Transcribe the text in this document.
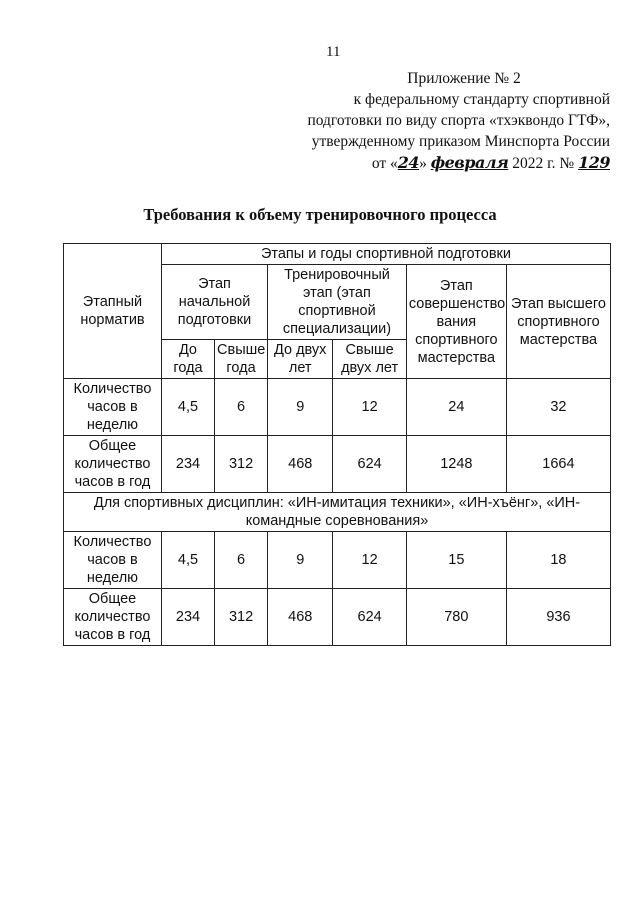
11
Приложение № 2
к федеральному стандарту спортивной
подготовки по виду спорта «тхэквондо ГТФ»,
утвержденному приказом Минспорта России
от «24» февраля 2022 г. № 129
Требования к объему тренировочного процесса
Этапный норматив	Этапы и годы спортивной подготовки					
	Этап начальной подготовки		Тренировочный этап (этап спортивной специализации)		Этап совершенство вания спортивного мастерства	Этап высшего спортивного мастерства
	До года	Свыше года	До двух лет	Свыше двух лет		
Количество часов в неделю	4,5	6	9	12	24	32
Общее количество часов в год	234	312	468	624	1248	1664
Для спортивных дисциплин: «ИН-имитация техники», «ИН-хъёнг», «ИН-командные соревнования»						
Количество часов в неделю	4,5	6	9	12	15	18
Общее количество часов в год	234	312	468	624	780	936
